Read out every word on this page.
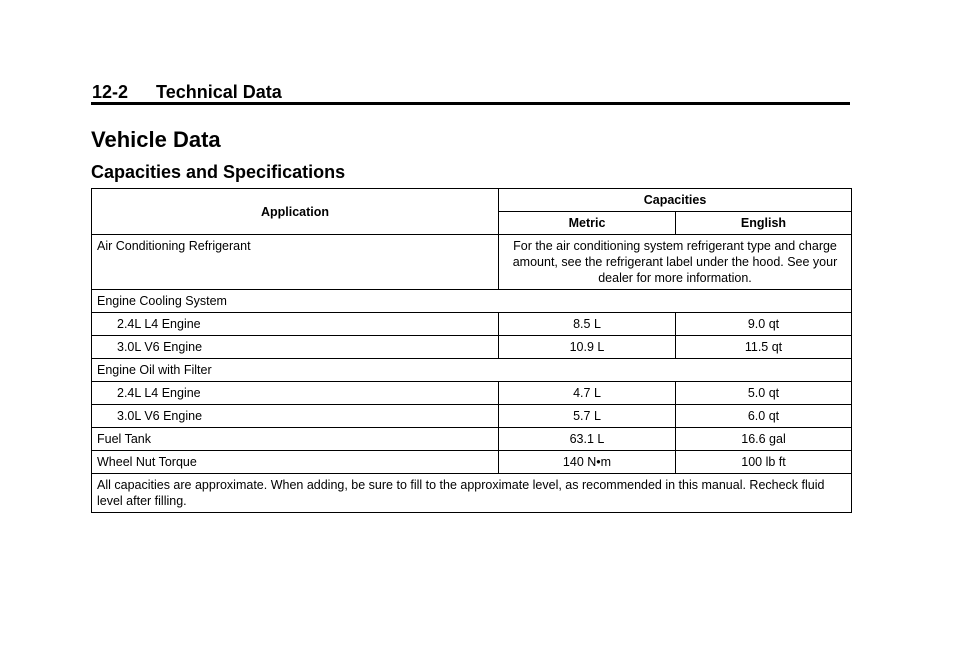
12-2 Technical Data
Vehicle Data
Capacities and Specifications
Application	Capacities	
	Metric	English
Air Conditioning Refrigerant	For the air conditioning system refrigerant type and charge amount, see the refrigerant label under the hood. See your dealer for more information.	
Engine Cooling System		
2.4L L4 Engine	8.5 L	9.0 qt
3.0L V6 Engine	10.9 L	11.5 qt
Engine Oil with Filter		
2.4L L4 Engine	4.7 L	5.0 qt
3.0L V6 Engine	5.7 L	6.0 qt
Fuel Tank	63.1 L	16.6 gal
Wheel Nut Torque	140 N•m	100 lb ft
All capacities are approximate. When adding, be sure to fill to the approximate level, as recommended in this manual. Recheck fluid level after filling.		
